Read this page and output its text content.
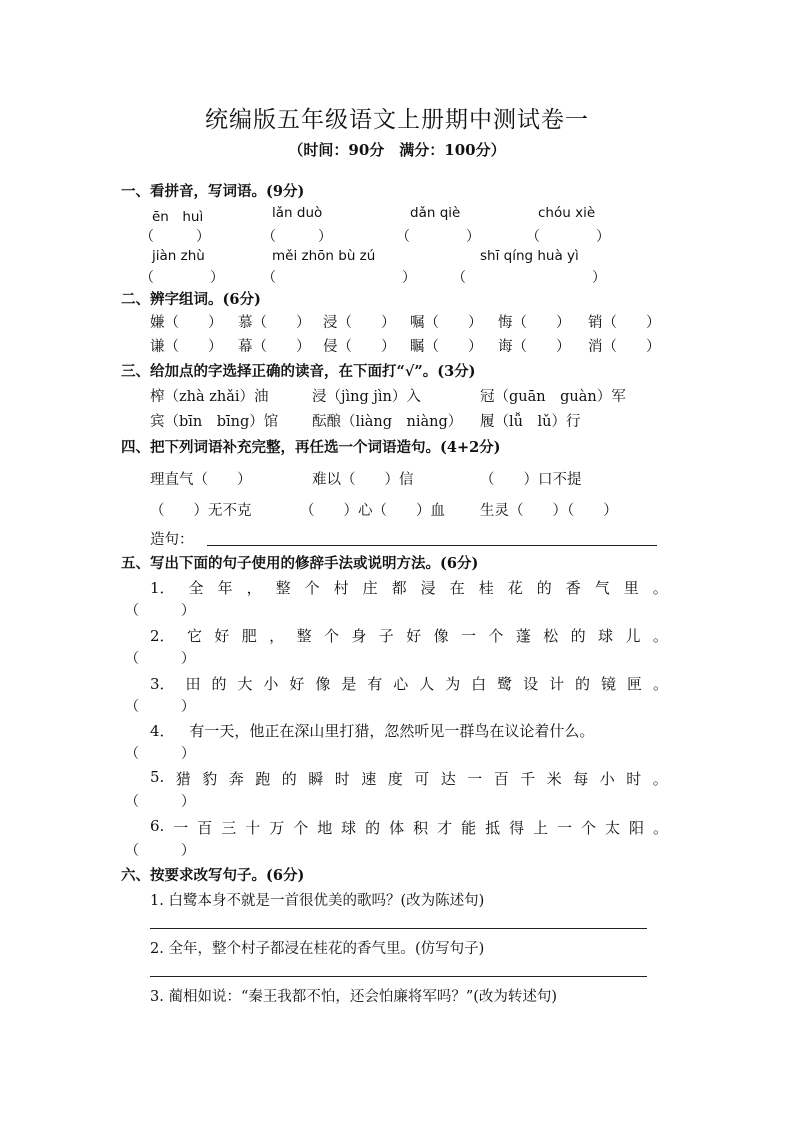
统编版五年级语文上册期中测试卷一
（时间：90分　满分：100分）
一、看拼音，写词语。(9分)
ēn　huì	lǎn duò	dǎn qiè	chóu xiè
（　　　）	（　　　）	（　　　　）	（　　　　）
jiàn zhù	měi zhōn bù zú	shī qíng huà yì
（　　　　）	（　　　　　　　　　）	（　　　　　　　　　）
二、辨字组词。(6分)
嫌（　　） 慕（　　） 浸（　　） 嘱（　　） 悔（　　） 销（　　）
谦（　　） 幕（　　） 侵（　　） 瞩（　　） 诲（　　） 消（　　）
三、给加点的字选择正确的读音，在下面打“√”。(3分)
榨（zhà zhǎi）油	浸（jìng jìn）入	冠（guān　guàn）军
宾（bīn　bīng）馆 酝酿（liàng　niàng） 履（lǚ　lǔ）行
四、把下列词语补充完整，再任选一个词语造句。(4+2分)
理直气（　　）	难以（　　）信	（　　）口不提
（　　）无不克	（　　）心（　　）血 生灵（　　）（　　）
造句：
五、写出下面的句子使用的修辞手法或说明方法。(6分)
1． 全 年 ， 整 个 村 庄 都 浸 在 桂 花 的 香 气 里 。
（　　　）
2． 它 好 肥 ， 整 个 身 子 好 像 一 个 蓬 松 的 球 儿 。
（　　　）
3． 田 的 大 小 好 像 是 有 心 人 为 白 鹭 设 计 的 镜 匣 。
（　　　）
4． 有一天，他正在深山里打猎，忽然听见一群鸟在议论着什么。
（　　　）
5. 猎 豹 奔 跑 的 瞬 时 速 度 可 达 一 百 千 米 每 小 时 。
（　　　）
6. 一 百 三 十 万 个 地 球 的 体 积 才 能 抵 得 上 一 个 太 阳 。
（　　　）
六、按要求改写句子。(6分)
1. 白鹭本身不就是一首很优美的歌吗？(改为陈述句)
2. 全年，整个村子都浸在桂花的香气里。(仿写句子)
3. 蔺相如说：“秦王我都不怕，还会怕廉将军吗？”(改为转述句)
